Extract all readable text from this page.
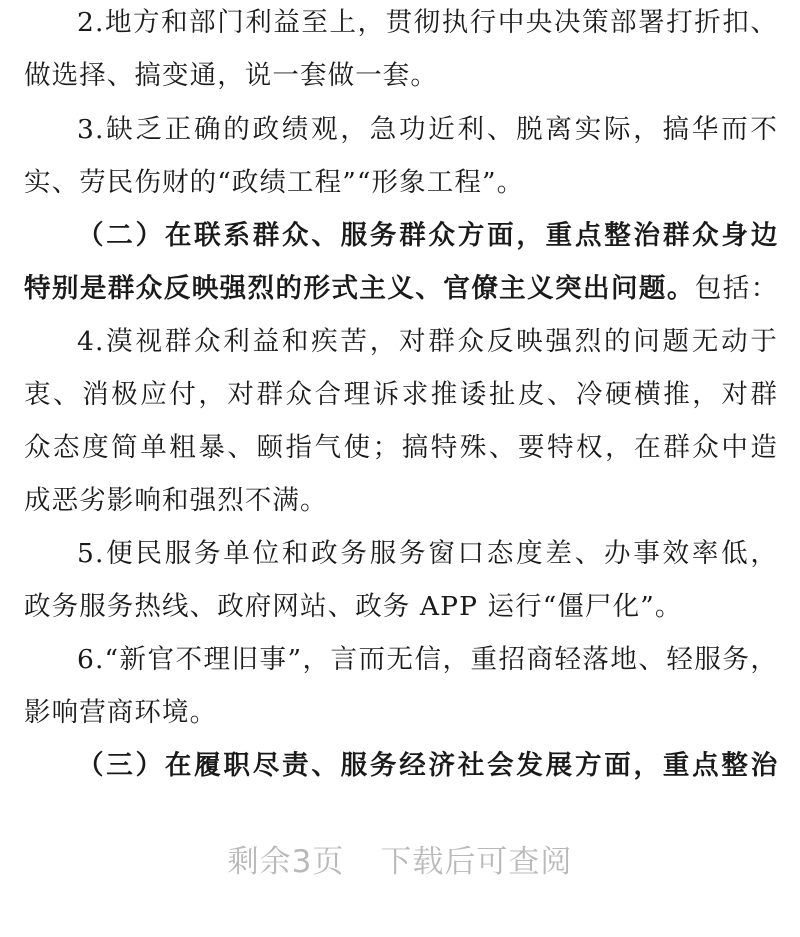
2.地方和部门利益至上，贯彻执行中央决策部署打折扣、
做选择、搞变通，说一套做一套。
3.缺乏正确的政绩观，急功近利、脱离实际，搞华而不
实、劳民伤财的“政绩工程”“形象工程”。
（二）在联系群众、服务群众方面，重点整治群众身边
特别是群众反映强烈的形式主义、官僚主义突出问题。包括：
4.漠视群众利益和疾苦，对群众反映强烈的问题无动于
衷、消极应付，对群众合理诉求推诿扯皮、冷硬横推，对群
众态度简单粗暴、颐指气使；搞特殊、要特权，在群众中造
成恶劣影响和强烈不满。
5.便民服务单位和政务服务窗口态度差、办事效率低，
政务服务热线、政府网站、政务 APP 运行“僵尸化”。
6.“新官不理旧事”，言而无信，重招商轻落地、轻服务，
影响营商环境。
（三）在履职尽责、服务经济社会发展方面，重点整治
剩余3页 下载后可查阅
